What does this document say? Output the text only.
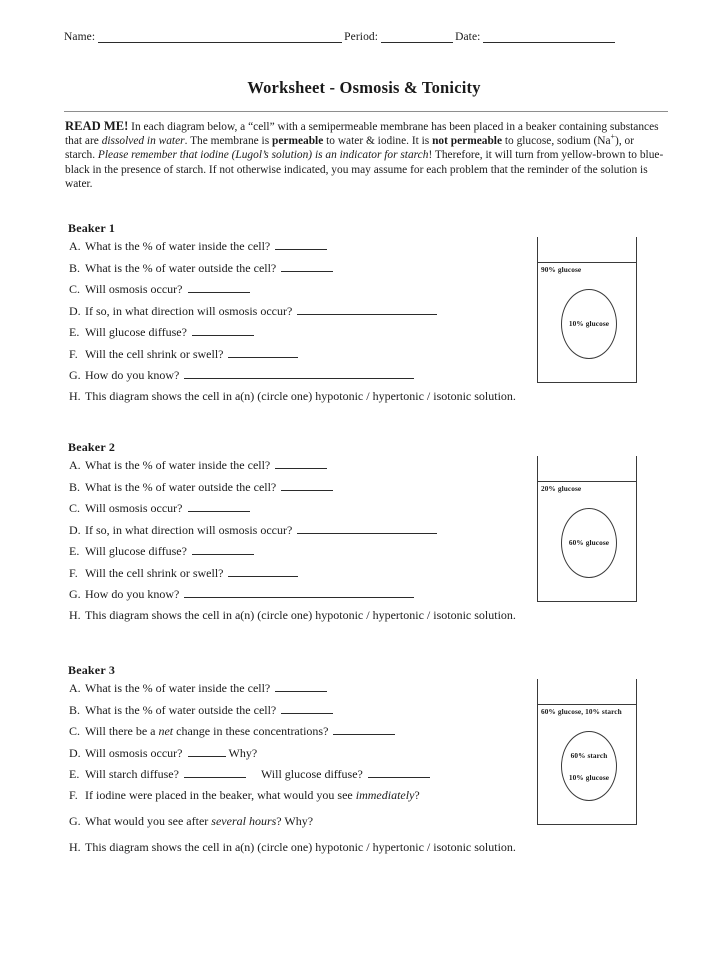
Name:	Period:	Date:
Worksheet - Osmosis & Tonicity
READ ME! In each diagram below, a “cell” with a semipermeable membrane has been placed in a beaker containing substances that are dissolved in water. The membrane is permeable to water & iodine. It is not permeable to glucose, sodium (Na+), or starch. Please remember that iodine (Lugol’s solution) is an indicator for starch! Therefore, it will turn from yellow-brown to blue-black in the presence of starch. If not otherwise indicated, you may assume for each problem that the reminder of the solution is water.
Beaker 1
A. What is the % of water inside the cell?
B. What is the % of water outside the cell?
C. Will osmosis occur?
D. If so, in what direction will osmosis occur?
E. Will glucose diffuse?
F. Will the cell shrink or swell?
G. How do you know?
H. This diagram shows the cell in a(n) (circle one) hypotonic / hypertonic / isotonic solution.
90% glucose
10% glucose
Beaker 2
A. What is the % of water inside the cell?
B. What is the % of water outside the cell?
C. Will osmosis occur?
D. If so, in what direction will osmosis occur?
E. Will glucose diffuse?
F. Will the cell shrink or swell?
G. How do you know?
H. This diagram shows the cell in a(n) (circle one) hypotonic / hypertonic / isotonic solution.
20% glucose
60% glucose
Beaker 3
A. What is the % of water inside the cell?
B. What is the % of water outside the cell?
C. Will there be a net change in these concentrations?
D. Will osmosis occur?	Why?
E. Will starch diffuse?	Will glucose diffuse?
F. If iodine were placed in the beaker, what would you see immediately?
G. What would you see after several hours? Why?
H. This diagram shows the cell in a(n) (circle one) hypotonic / hypertonic / isotonic solution.
60% glucose, 10% starch
60% starch
10% glucose
